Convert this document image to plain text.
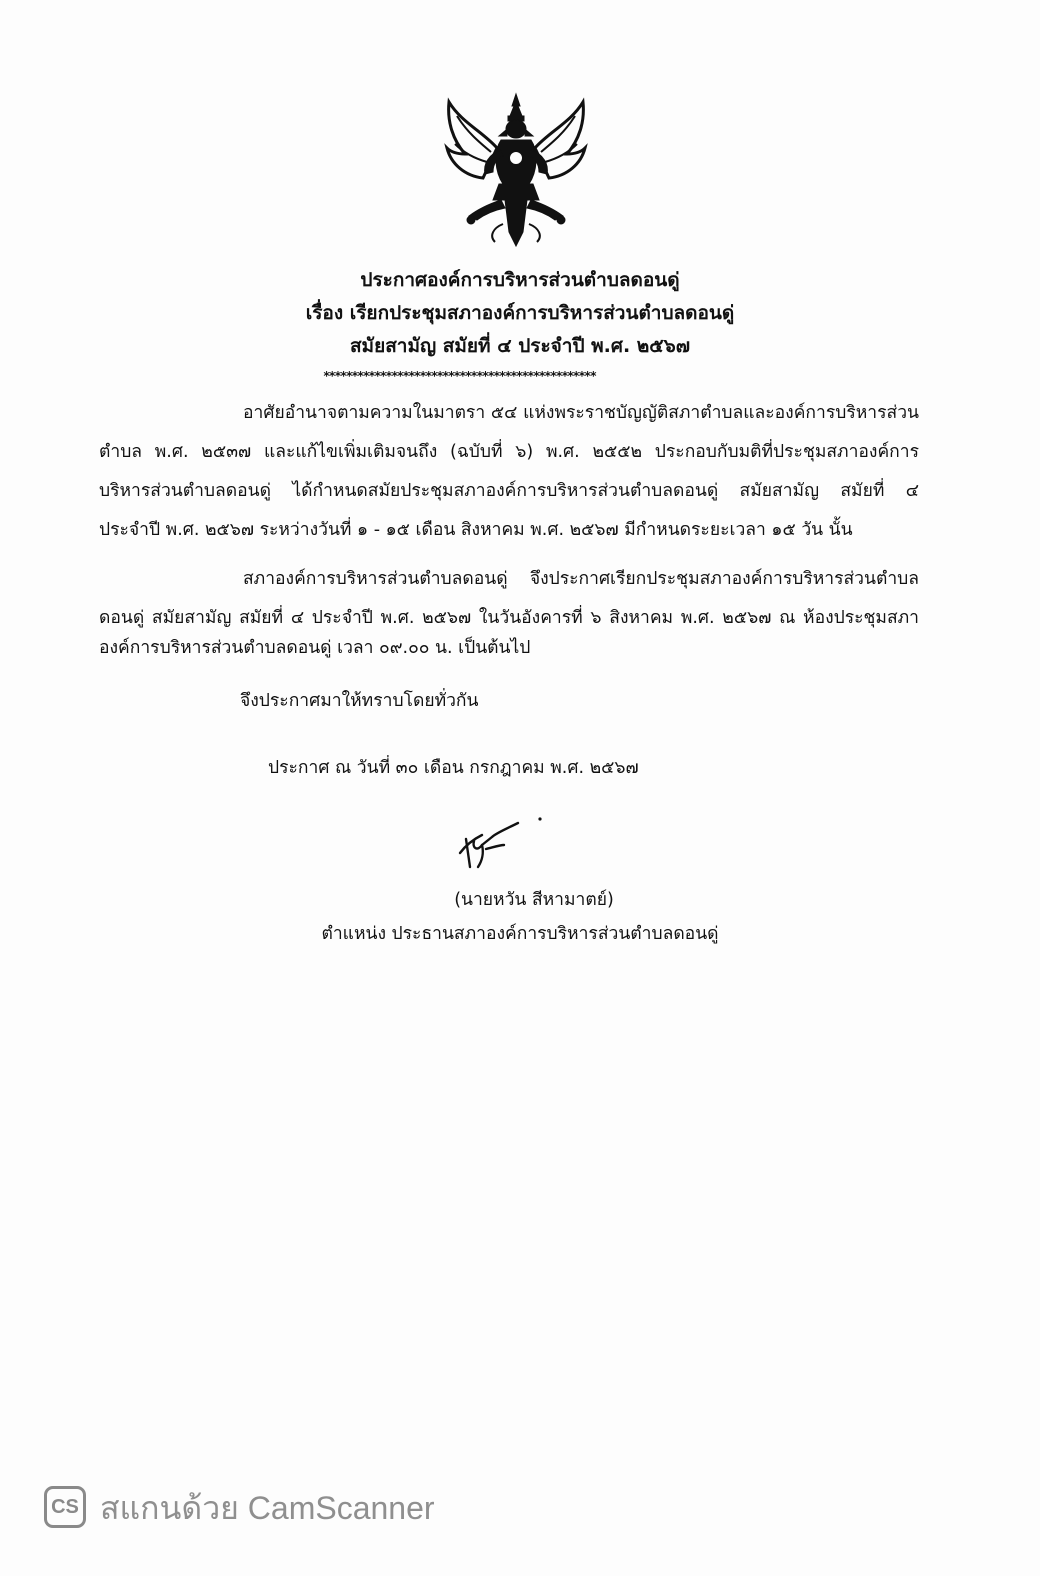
ประกาศองค์การบริหารส่วนตำบลดอนดู่
เรื่อง เรียกประชุมสภาองค์การบริหารส่วนตำบลดอนดู่
สมัยสามัญ สมัยที่ ๔ ประจำปี พ.ศ. ๒๕๖๗
************************************************
อาศัยอำนาจตามความในมาตรา ๕๔ แห่งพระราชบัญญัติสภาตำบลและองค์การบริหารส่วน
ตำบล พ.ศ. ๒๕๓๗ และแก้ไขเพิ่มเติมจนถึง (ฉบับที่ ๖) พ.ศ. ๒๕๕๒ ประกอบกับมติที่ประชุมสภาองค์การ
บริหารส่วนตำบลดอนดู่ ได้กำหนดสมัยประชุมสภาองค์การบริหารส่วนตำบลดอนดู่ สมัยสามัญ สมัยที่ ๔
ประจำปี พ.ศ. ๒๕๖๗ ระหว่างวันที่ ๑ - ๑๕ เดือน สิงหาคม พ.ศ. ๒๕๖๗ มีกำหนดระยะเวลา ๑๕ วัน นั้น
สภาองค์การบริหารส่วนตำบลดอนดู่ จึงประกาศเรียกประชุมสภาองค์การบริหารส่วนตำบล
ดอนดู่ สมัยสามัญ สมัยที่ ๔ ประจำปี พ.ศ. ๒๕๖๗ ในวันอังคารที่ ๖ สิงหาคม พ.ศ. ๒๕๖๗ ณ ห้องประชุมสภา
องค์การบริหารส่วนตำบลดอนดู่ เวลา ๐๙.๐๐ น. เป็นต้นไป
จึงประกาศมาให้ทราบโดยทั่วกัน
ประกาศ ณ วันที่ ๓๐ เดือน กรกฎาคม พ.ศ. ๒๕๖๗
(นายหวัน สีหามาตย์)
ตำแหน่ง ประธานสภาองค์การบริหารส่วนตำบลดอนดู่
CS สแกนด้วย CamScanner
